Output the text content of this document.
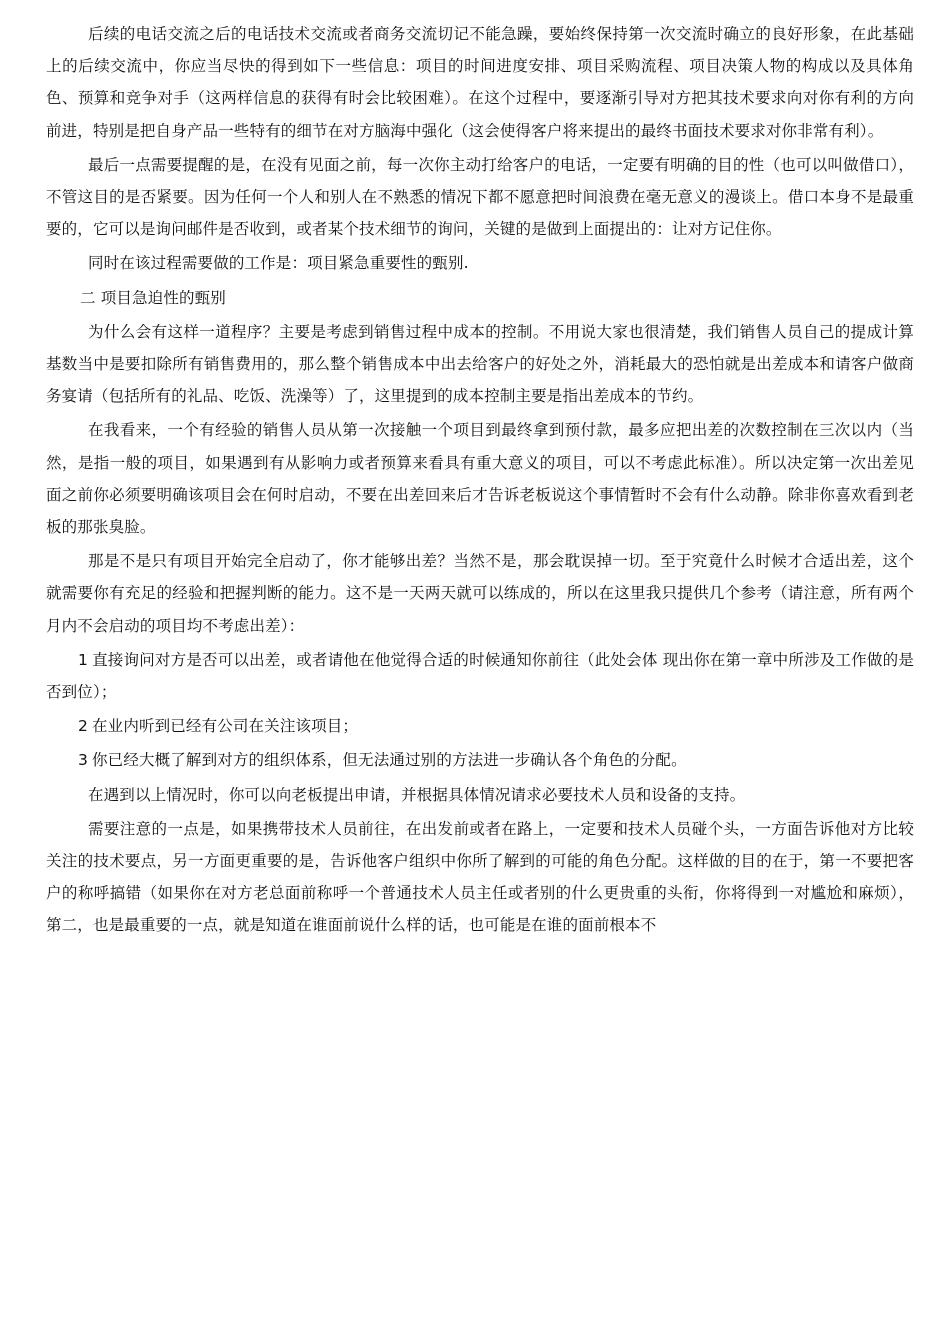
后续的电话交流之后的电话技术交流或者商务交流切记不能急躁，要始终保持第一次交流时确立的良好形象，在此基础上的后续交流中，你应当尽快的得到如下一些信息：项目的时间进度安排、项目采购流程、项目决策人物的构成以及具体角色、预算和竞争对手（这两样信息的获得有时会比较困难）。在这个过程中，要逐渐引导对方把其技术要求向对你有利的方向前进，特别是把自身产品一些特有的细节在对方脑海中强化（这会使得客户将来提出的最终书面技术要求对你非常有利）。

最后一点需要提醒的是，在没有见面之前，每一次你主动打给客户的电话，一定要有明确的目的性（也可以叫做借口），不管这目的是否紧要。因为任何一个人和别人在不熟悉的情况下都不愿意把时间浪费在毫无意义的漫谈上。借口本身不是最重要的，它可以是询问邮件是否收到，或者某个技术细节的询问，关键的是做到上面提出的：让对方记住你。

同时在该过程需要做的工作是：项目紧急重要性的甄别.

二 项目急迫性的甄别

为什么会有这样一道程序？主要是考虑到销售过程中成本的控制。不用说大家也很清楚，我们销售人员自己的提成计算基数当中是要扣除所有销售费用的，那么整个销售成本中出去给客户的好处之外，消耗最大的恐怕就是出差成本和请客户做商务宴请（包括所有的礼品、吃饭、洗澡等）了，这里提到的成本控制主要是指出差成本的节约。

在我看来，一个有经验的销售人员从第一次接触一个项目到最终拿到预付款，最多应把出差的次数控制在三次以内（当然，是指一般的项目，如果遇到有从影响力或者预算来看具有重大意义的项目，可以不考虑此标准）。所以决定第一次出差见面之前你必须要明确该项目会在何时启动，不要在出差回来后才告诉老板说这个事情暂时不会有什么动静。除非你喜欢看到老板的那张臭脸。

那是不是只有项目开始完全启动了，你才能够出差？当然不是，那会耽误掉一切。至于究竟什么时候才合适出差，这个就需要你有充足的经验和把握判断的能力。这不是一天两天就可以练成的，所以在这里我只提供几个参考（请注意，所有两个月内不会启动的项目均不考虑出差）：

1 直接询问对方是否可以出差，或者请他在他觉得合适的时候通知你前往（此处会体 现出你在第一章中所涉及工作做的是否到位）；

2 在业内听到已经有公司在关注该项目；

3 你已经大概了解到对方的组织体系，但无法通过别的方法进一步确认各个角色的分配。

在遇到以上情况时，你可以向老板提出申请，并根据具体情况请求必要技术人员和设备的支持。

需要注意的一点是，如果携带技术人员前往，在出发前或者在路上，一定要和技术人员碰个头，一方面告诉他对方比较关注的技术要点，另一方面更重要的是，告诉他客户组织中你所了解到的可能的角色分配。这样做的目的在于，第一不要把客户的称呼搞错（如果你在对方老总面前称呼一个普通技术人员主任或者别的什么更贵重的头衔，你将得到一对尴尬和麻烦），第二，也是最重要的一点，就是知道在谁面前说什么样的话，也可能是在谁的面前根本不
